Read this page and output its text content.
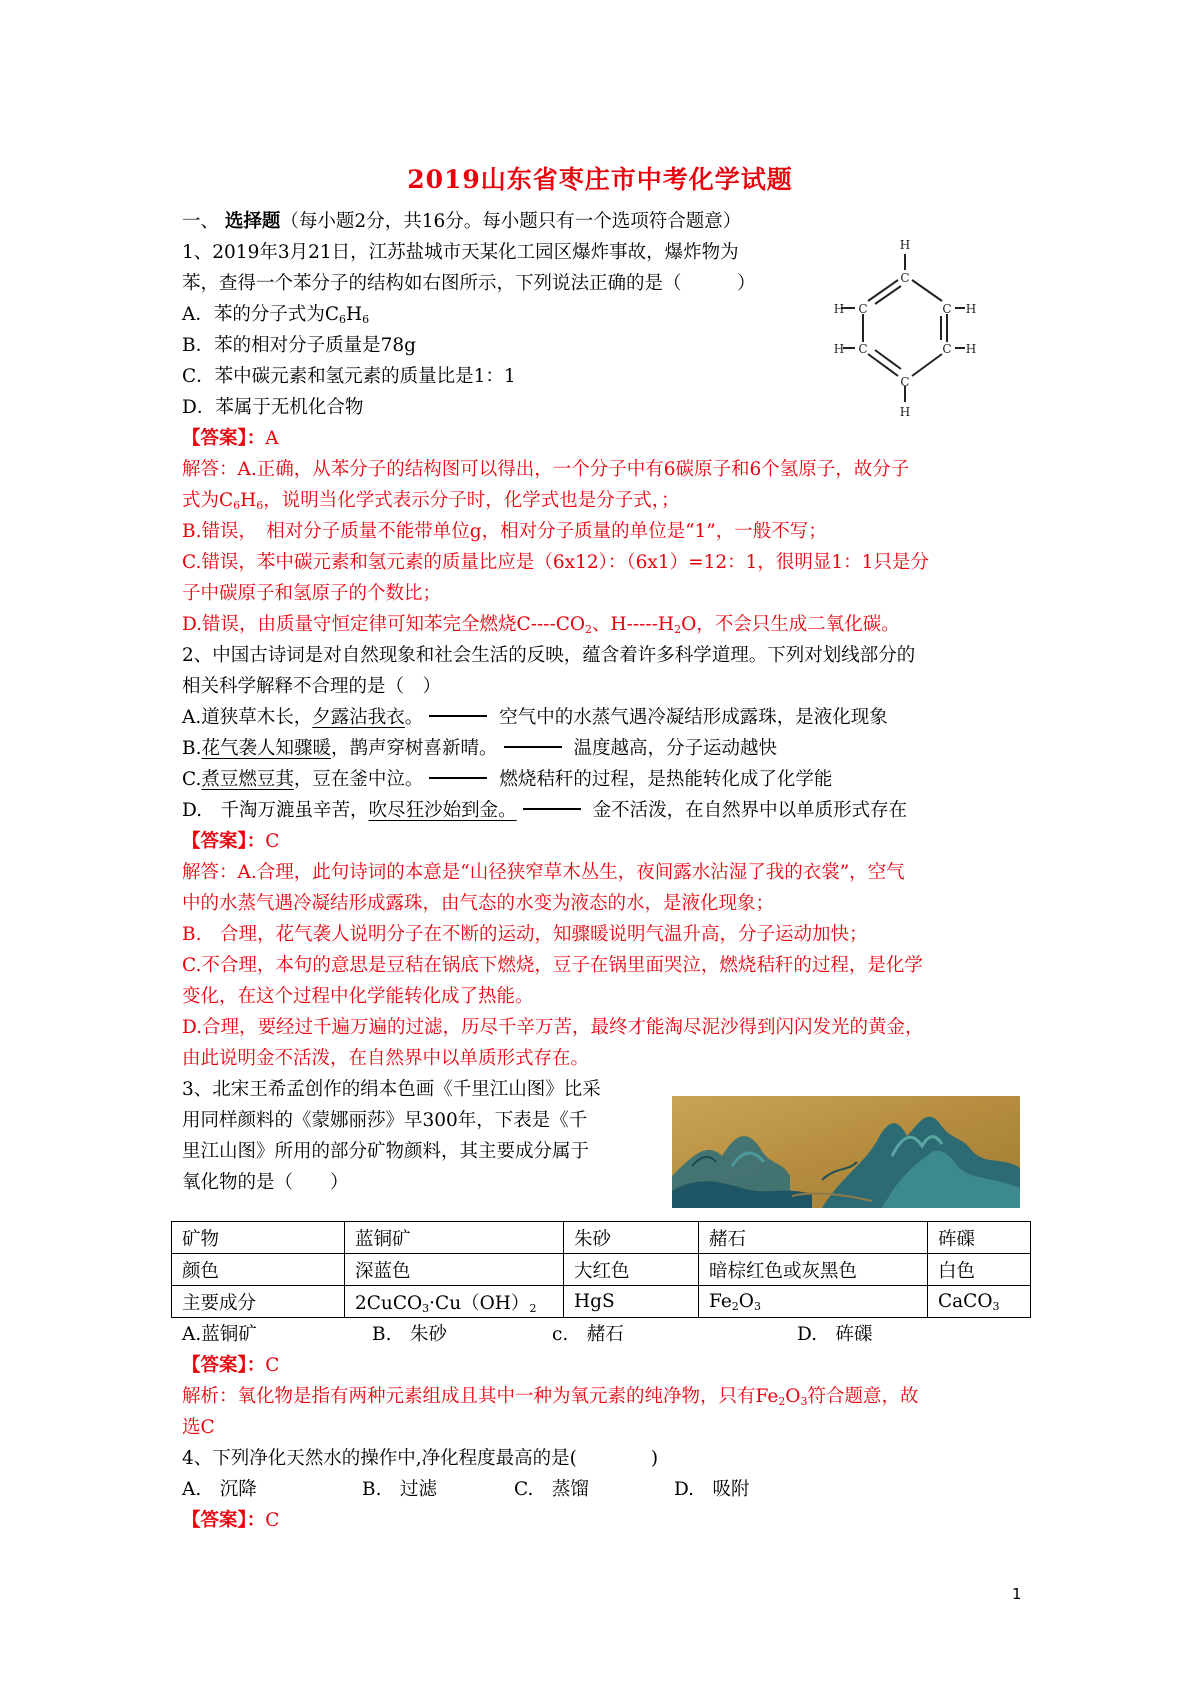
2019山东省枣庄市中考化学试题
H
C
C	C
C	C
C
H	H
H	H
H
一、 选择题（每小题2分，共16分。每小题只有一个选项符合题意）
1、2019年3月21日，江苏盐城市天某化工园区爆炸事故，爆炸物为
苯，查得一个苯分子的结构如右图所示，下列说法正确的是（　　　）
A．苯的分子式为$C_6H_6$
B．苯的相对分子质量是78g
C．苯中碳元素和氢元素的质量比是1：1
D．苯属于无机化合物
【答案】：A
解答：A.正确，从苯分子的结构图可以得出，一个分子中有6碳原子和6个氢原子，故分子
式为$C_6H_6$，说明当化学式表示分子时，化学式也是分子式，；
B.错误，　相对分子质量不能带单位g，相对分子质量的单位是“1”，一般不写；
C.错误，苯中碳元素和氢元素的质量比应是（6x12）：（6x1）=12：1，很明显1：1只是分
子中碳原子和氢原子的个数比；
D.错误，由质量守恒定律可知苯完全燃烧$C----CO_2$、$H-----H_2O$，不会只生成二氧化碳。
2、中国古诗词是对自然现象和社会生活的反映，蕴含着许多科学道理。下列对划线部分的
相关科学解释不合理的是（　）
A.道狭草木长，夕露沾我衣。	空气中的水蒸气遇冷凝结形成露珠，是液化现象
B.花气袭人知骤暖，鹊声穿树喜新晴。	温度越高，分子运动越快
C.煮豆燃豆萁，豆在釜中泣。	燃烧秸秆的过程，是热能转化成了化学能
D.　千淘万漉虽辛苦，吹尽狂沙始到金。	金不活泼，在自然界中以单质形式存在
【答案】：C
解答：A.合理，此句诗词的本意是“山径狭窄草木丛生，夜间露水沾湿了我的衣裳”，空气
中的水蒸气遇冷凝结形成露珠，由气态的水变为液态的水，是液化现象；
B.　合理，花气袭人说明分子在不断的运动，知骤暖说明气温升高，分子运动加快；
C.不合理，本句的意思是豆秸在锅底下燃烧，豆子在锅里面哭泣，燃烧秸秆的过程，是化学
变化，在这个过程中化学能转化成了热能。
D.合理，要经过千遍万遍的过滤，历尽千辛万苦，最终才能淘尽泥沙得到闪闪发光的黄金，
由此说明金不活泼，在自然界中以单质形式存在。
3、北宋王希孟创作的绢本色画《千里江山图》比采
用同样颜料的《蒙娜丽莎》早300年，下表是《千
里江山图》所用的部分矿物颜料，其主要成分属于
氧化物的是（　　）
矿物	蓝铜矿	朱砂	赭石	砗磲
颜色	深蓝色	大红色	暗棕红色或灰黑色	白色
主要成分	$2CuCO_3\cdot Cu(OH)_2$	HgS	$Fe_2O_3$	CaCO$_3$
A.蓝铜矿	B.　朱砂	c.　赭石	D.　砗磲
【答案】：C
解析：氧化物是指有两种元素组成且其中一种为氧元素的纯净物，只有$Fe_2O_3$符合题意，故
选C
4、下列净化天然水的操作中,净化程度最高的是(　　　　)
A.　沉降	B.　过滤	C.　蒸馏	D.　吸附
【答案】：C
1
